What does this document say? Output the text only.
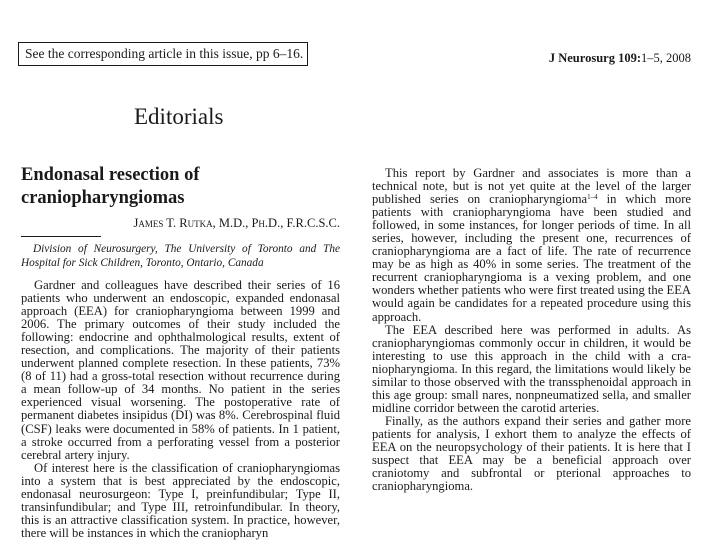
See the corresponding article in this issue, pp 6–16.	J Neurosurg 109:1–5, 2008
Editorials
Endonasal resection of craniopharyngiomas
James T. Rutka, M.D., Ph.D., F.R.C.S.C.
Division of Neurosurgery, The University of Toronto and The Hospital for Sick Children, Toronto, Ontario, Canada

Gardner and colleagues have described their series of 16 patients who underwent an endoscopic, expanded endonasal approach (EEA) for craniopharyngioma between 1999 and 2006. The primary outcomes of their study included the following: endocrine and ophthalmological results, extent of resection, and complications. The majority of their patients underwent planned complete resection. In these patients, 73% (8 of 11) had a gross-total resection without recurrence during a mean follow-up of 34 months. No patient in the series experienced visual worsening. The postoperative rate of permanent diabetes insipidus (DI) was 8%. Cerebrospinal fluid (CSF) leaks were documented in 58% of patients. In 1 patient, a stroke occurred from a perforating vessel from a posterior cerebral artery injury.

Of interest here is the classification of craniopharyngiomas into a system that is best appreciated by the endoscopic, endonasal neurosurgeon: Type I, preinfundibular; Type II, transinfundibular; and Type III, retroinfundibular. In theory, this is an attractive classification system. In practice, however, there will be instances in which the craniopharyn

This report by Gardner and associates is more than a technical note, but is not yet quite at the level of the larger published series on craniopharyngioma$^{1-4}$ in which more patients with craniopharyngioma have been studied and followed, in some instances, for longer periods of time. In all series, however, including the present one, recurrences of craniopharyngioma are a fact of life. The rate of recurrence may be as high as 40% in some series. The treatment of the recurrent craniopharyngioma is a vexing problem, and one wonders whether patients who were first treated using the EEA would again be candidates for a repeated procedure using this approach.

The EEA described here was performed in adults. As craniopharyngiomas commonly occur in children, it would be interesting to use this approach in the child with a craniopharyngioma. In this regard, the limitations would likely be similar to those observed with the transsphenoidal approach in this age group: small nares, nonpneumatized sella, and smaller midline corridor between the carotid arteries.

Finally, as the authors expand their series and gather more patients for analysis, I exhort them to analyze the effects of EEA on the neuropsychology of their patients. It is here that I suspect that EEA may be a beneficial approach over craniotomy and subfrontal or pterional approaches to craniopharyngioma.
